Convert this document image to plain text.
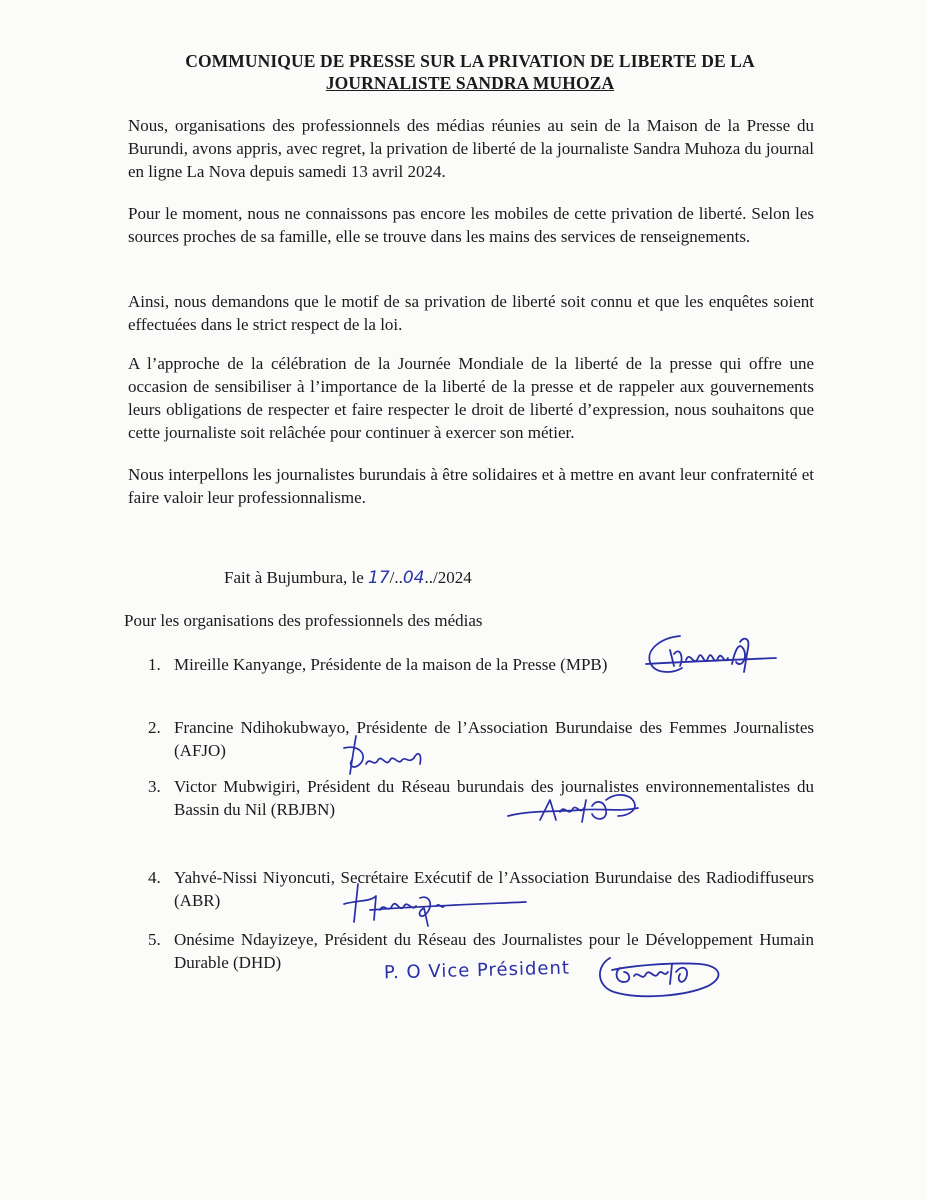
COMMUNIQUE DE PRESSE SUR LA PRIVATION DE LIBERTE DE LA
JOURNALISTE SANDRA MUHOZA
Nous, organisations des professionnels des médias réunies au sein de la Maison de la Presse du Burundi, avons appris, avec regret, la privation de liberté de la journaliste Sandra Muhoza du journal en ligne La Nova depuis samedi 13 avril 2024.
Pour le moment, nous ne connaissons pas encore les mobiles de cette privation de liberté. Selon les sources proches de sa famille, elle se trouve dans les mains des services de renseignements.
Ainsi, nous demandons que le motif de sa privation de liberté soit connu et que les enquêtes soient effectuées dans le strict respect de la loi.
A l’approche de la célébration de la Journée Mondiale de la liberté de la presse qui offre une occasion de sensibiliser à l’importance de la liberté de la presse et de rappeler aux gouvernements leurs obligations de respecter et faire respecter le droit de liberté d’expression, nous souhaitons que cette journaliste soit relâchée pour continuer à exercer son métier.
Nous interpellons les journalistes burundais à être solidaires et à mettre en avant leur confraternité et faire valoir leur professionnalisme.
Fait à Bujumbura, le 17/..04../2024
Pour les organisations des professionnels des médias
1. Mireille Kanyange, Présidente de la maison de la Presse (MPB)
2. Francine Ndihokubwayo, Présidente de l’Association Burundaise des Femmes Journalistes (AFJO)
3. Victor Mubwigiri, Président du Réseau burundais des journalistes environnementalistes du Bassin du Nil (RBJBN)
4. Yahvé-Nissi Niyoncuti, Secrétaire Exécutif de l’Association Burundaise des Radiodiffuseurs (ABR)
5. Onésime Ndayizeye, Président du Réseau des Journalistes pour le Développement Humain Durable (DHD)	P. O Vice Président
